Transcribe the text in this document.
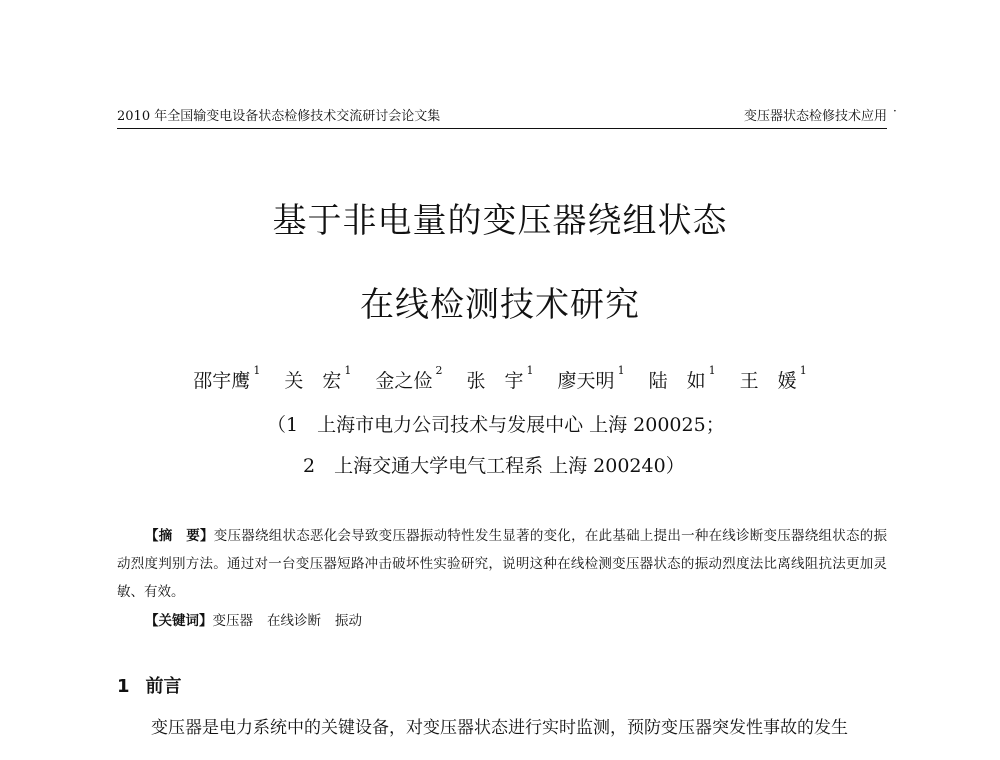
2010 年全国输变电设备状态检修技术交流研讨会论文集	变压器状态检修技术应用 ·
基于非电量的变压器绕组状态
在线检测技术研究
邵宇鹰 $^1$ 关　宏 $^1$ 金之俭 $^2$ 张　宇 $^1$ 廖天明 $^1$ 陆　如 $^1$ 王　媛 $^1$
（1　上海市电力公司技术与发展中心 上海 200025；
2　上海交通大学电气工程系 上海 200240）
【摘　要】变压器绕组状态恶化会导致变压器振动特性发生显著的变化，在此基础上提出一种在线诊断变压器绕组状态的振动烈度判别方法。通过对一台变压器短路冲击破坏性实验研究，说明这种在线检测变压器状态的振动烈度法比离线阻抗法更加灵敏、有效。
【关键词】变压器 在线诊断 振动
1 前言
变压器是电力系统中的关键设备，对变压器状态进行实时监测，预防变压器突发性事故的发生
